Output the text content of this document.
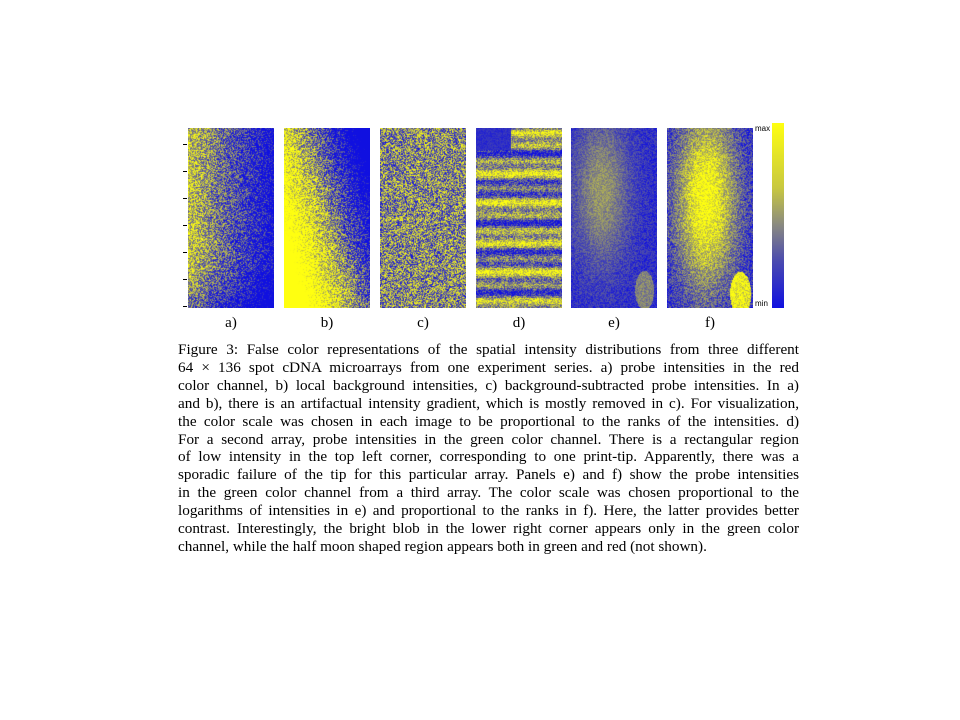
a)	b)	c)	d)	e)	f)
max
min
Figure 3: False color representations of the spatial intensity distributions from three different
64 × 136 spot cDNA microarrays from one experiment series. a) probe intensities in the red
color channel, b) local background intensities, c) background-subtracted probe intensities. In a)
and b), there is an artifactual intensity gradient, which is mostly removed in c). For visualization,
the color scale was chosen in each image to be proportional to the ranks of the intensities. d)
For a second array, probe intensities in the green color channel. There is a rectangular region
of low intensity in the top left corner, corresponding to one print-tip. Apparently, there was a
sporadic failure of the tip for this particular array. Panels e) and f) show the probe intensities
in the green color channel from a third array. The color scale was chosen proportional to the
logarithms of intensities in e) and proportional to the ranks in f). Here, the latter provides better
contrast. Interestingly, the bright blob in the lower right corner appears only in the green color
channel, while the half moon shaped region appears both in green and red (not shown).
